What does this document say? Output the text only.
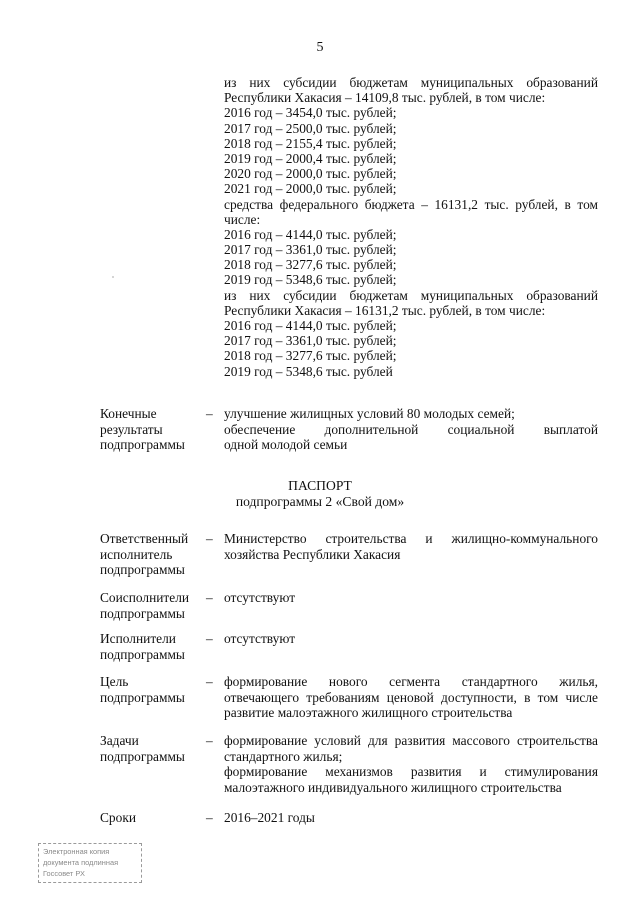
5
из них субсидии бюджетам муниципальных образований
Республики Хакасия – 14109,8 тыс. рублей, в том числе:
2016 год – 3454,0 тыс. рублей;
2017 год – 2500,0 тыс. рублей;
2018 год – 2155,4 тыс. рублей;
2019 год – 2000,4 тыс. рублей;
2020 год – 2000,0 тыс. рублей;
2021 год – 2000,0 тыс. рублей;
средства федерального бюджета – 16131,2 тыс. рублей, в том
числе:
2016 год – 4144,0 тыс. рублей;
2017 год – 3361,0 тыс. рублей;
2018 год – 3277,6 тыс. рублей;
2019 год – 5348,6 тыс. рублей;
из них субсидии бюджетам муниципальных образований
Республики Хакасия – 16131,2 тыс. рублей, в том числе:
2016 год – 4144,0 тыс. рублей;
2017 год – 3361,0 тыс. рублей;
2018 год – 3277,6 тыс. рублей;
2019 год – 5348,6 тыс. рублей
Конечные
результаты
подпрограммы
– улучшение жилищных условий 80 молодых семей;
обеспечение дополнительной социальной выплатой
одной молодой семьи
ПАСПОРТ
подпрограммы 2 «Свой дом»
Ответственный
исполнитель
подпрограммы
– Министерство строительства и жилищно-коммунального
хозяйства Республики Хакасия
Соисполнители
подпрограммы
– отсутствуют
Исполнители
подпрограммы
– отсутствуют
Цель
подпрограммы
– формирование нового сегмента стандартного жилья,
отвечающего требованиям ценовой доступности, в том числе
развитие малоэтажного жилищного строительства
Задачи
подпрограммы
– формирование условий для развития массового строительства
стандартного жилья;
формирование механизмов развития и стимулирования
малоэтажного индивидуального жилищного строительства
Сроки	– 2016–2021 годы
Электронная копия
документа подлинная
Госсовет РХ
